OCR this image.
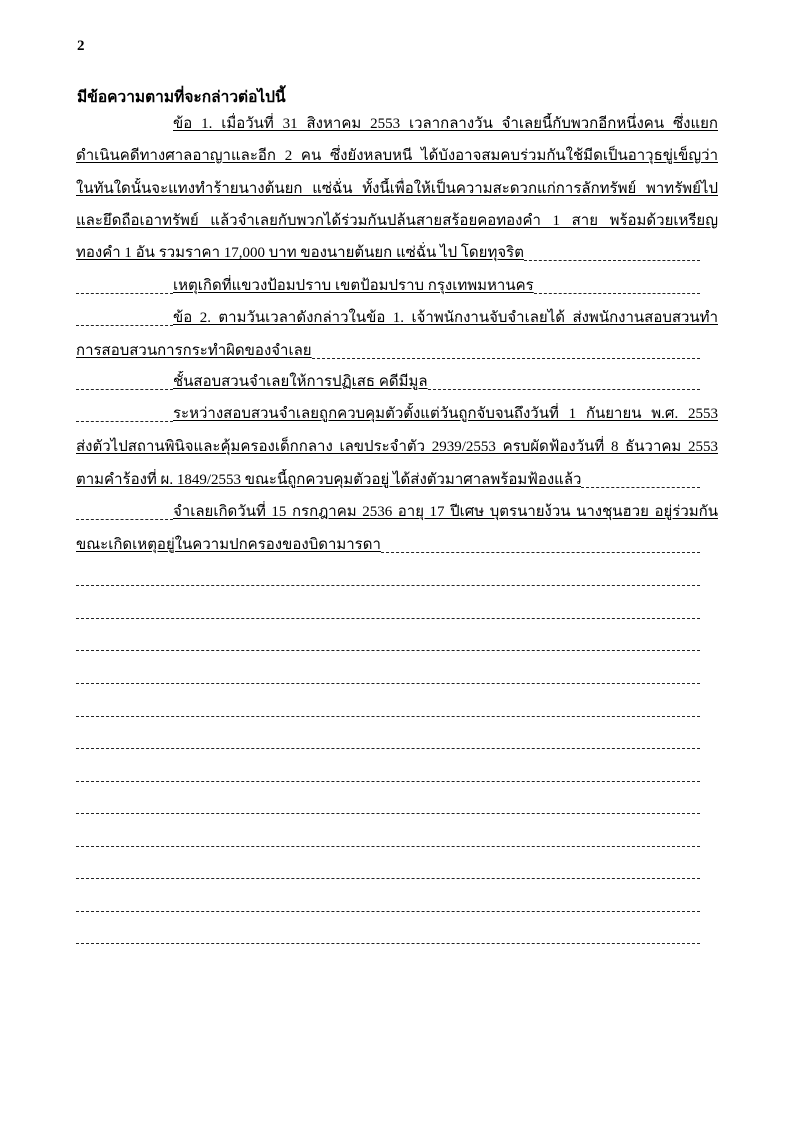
2
มีข้อความตามที่จะกล่าวต่อไปนี้
ข้อ 1. เมื่อวันที่ 31 สิงหาคม 2553 เวลากลางวัน จำเลยนี้กับพวกอีกหนึ่งคน ซึ่งแยก
ดำเนินคดีทางศาลอาญาและอีก 2 คน ซึ่งยังหลบหนี ได้บังอาจสมคบร่วมกันใช้มีดเป็นอาวุธขู่เข็ญว่า
ในทันใดนั้นจะแทงทำร้ายนางต้นยก แซ่ฉั่น ทั้งนี้เพื่อให้เป็นความสะดวกแก่การลักทรัพย์ พาทรัพย์ไป
และยึดถือเอาทรัพย์ แล้วจำเลยกับพวกได้ร่วมกันปล้นสายสร้อยคอทองคำ 1 สาย พร้อมด้วยเหรียญ
ทองคำ 1 อัน รวมราคา 17,000 บาท ของนายต้นยก แซ่ฉั่น ไป โดยทุจริต
เหตุเกิดที่แขวงป้อมปราบ เขตป้อมปราบ กรุงเทพมหานคร
ข้อ 2. ตามวันเวลาดังกล่าวในข้อ 1. เจ้าพนักงานจับจำเลยได้ ส่งพนักงานสอบสวนทำ
การสอบสวนการกระทำผิดของจำเลย
ชั้นสอบสวนจำเลยให้การปฏิเสธ คดีมีมูล
ระหว่างสอบสวนจำเลยถูกควบคุมตัวตั้งแต่วันถูกจับจนถึงวันที่ 1 กันยายน พ.ศ. 2553
ส่งตัวไปสถานพินิจและคุ้มครองเด็กกลาง เลขประจำตัว 2939/2553 ครบผัดฟ้องวันที่ 8 ธันวาคม 2553
ตามคำร้องที่ ผ. 1849/2553 ขณะนี้ถูกควบคุมตัวอยู่ ได้ส่งตัวมาศาลพร้อมฟ้องแล้ว
จำเลยเกิดวันที่ 15 กรกฎาคม 2536 อายุ 17 ปีเศษ บุตรนายง้วน นางชุนฮวย อยู่ร่วมกัน
ขณะเกิดเหตุอยู่ในความปกครองของบิดามารดา
